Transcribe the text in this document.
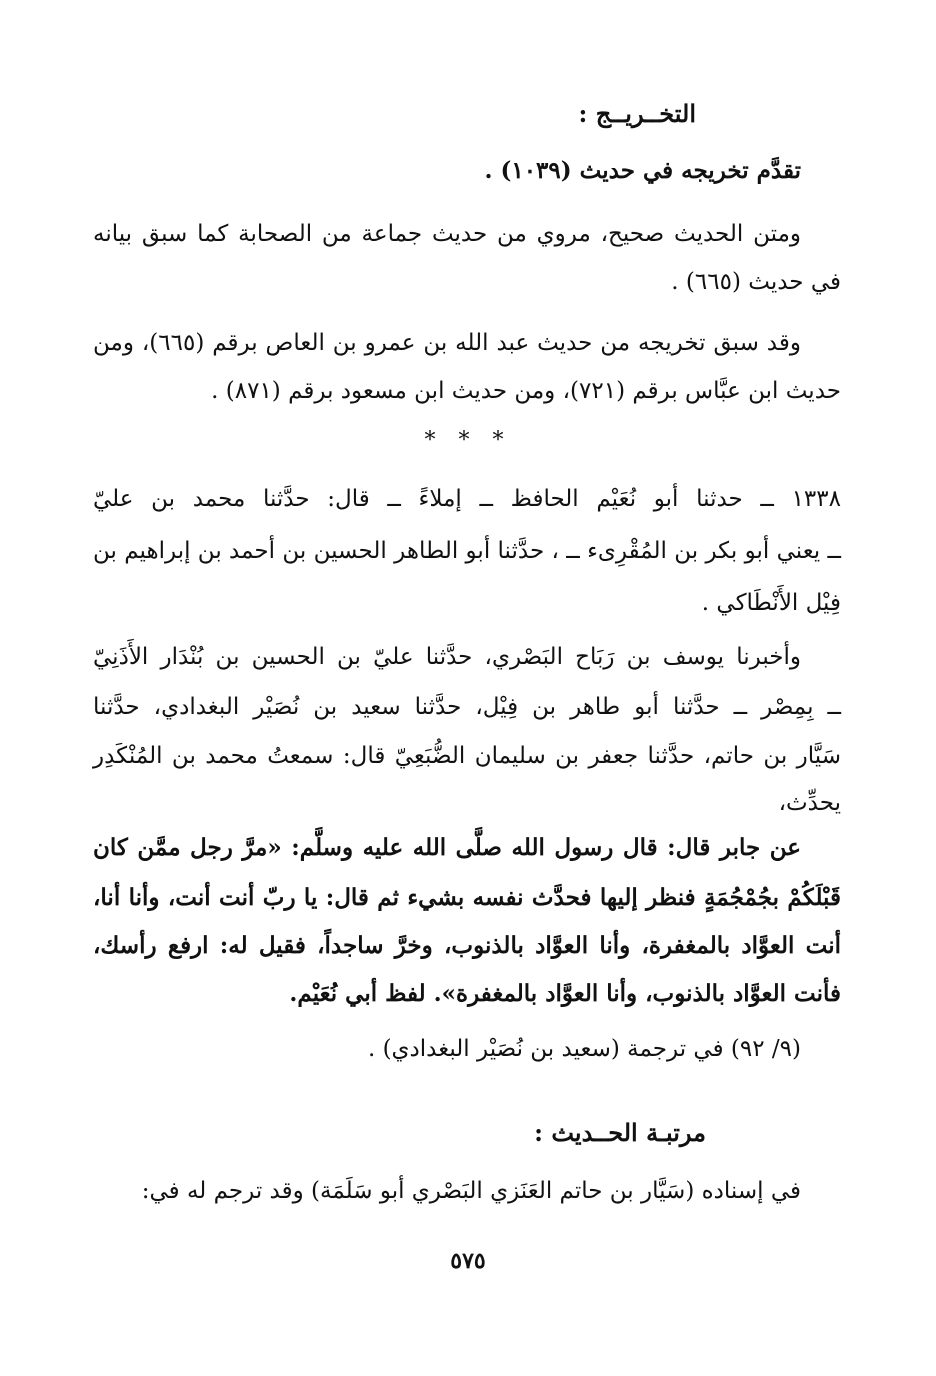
التخــريــج :
تقدَّم تخريجه في حديث (١٠٣٩) .
ومتن الحديث صحيح، مروي من حديث جماعة من الصحابة كما سبق بيانه
في حديث (٦٦٥) .
وقد سبق تخريجه من حديث عبد الله بن عمرو بن العاص برقم (٦٦٥)، ومن
حديث ابن عبَّاس برقم (٧٢١)، ومن حديث ابن مسعود برقم (٨٧١) .
* * *
١٣٣٨ ــ حدثنا أبو نُعَيْم الحافظ ــ إملاءً ــ قال: حدَّثنا محمد بن عليّ
ــ يعني أبو بكر بن المُقْرِىء ــ ، حدَّثنا أبو الطاهر الحسين بن أحمد بن إبراهيم بن
فِيْل الأَنْطَاكي .
وأخبرنا يوسف بن رَبَاح البَصْري، حدَّثنا عليّ بن الحسين بن بُنْدَار الأَذَنِيّ
ــ بِمِصْر ــ حدَّثنا أبو طاهر بن فِيْل، حدَّثنا سعيد بن نُصَيْر البغدادي، حدَّثنا
سَيَّار بن حاتم، حدَّثنا جعفر بن سليمان الضُّبَعِيّ قال: سمعتُ محمد بن المُنْكَدِر
يحدِّث،
عن جابر قال: قال رسول الله صلَّى الله عليه وسلَّم: «مرَّ رجل ممَّن كان
قَبْلَكُمْ بجُمْجُمَةٍ فنظر إليها فحدَّث نفسه بشيء ثم قال: يا ربّ أنت أنت، وأنا أنا،
أنت العوَّاد بالمغفرة، وأنا العوَّاد بالذنوب، وخرَّ ساجداً، فقيل له: ارفع رأسك،
فأنت العوَّاد بالذنوب، وأنا العوَّاد بالمغفرة». لفظ أبي نُعَيْم.
(٩/ ٩٢) في ترجمة (سعيد بن نُصَيْر البغدادي) .
مرتبـة الحــديث :
في إسناده (سَيَّار بن حاتم العَنَزي البَصْري أبو سَلَمَة) وقد ترجم له في:
٥٧٥
